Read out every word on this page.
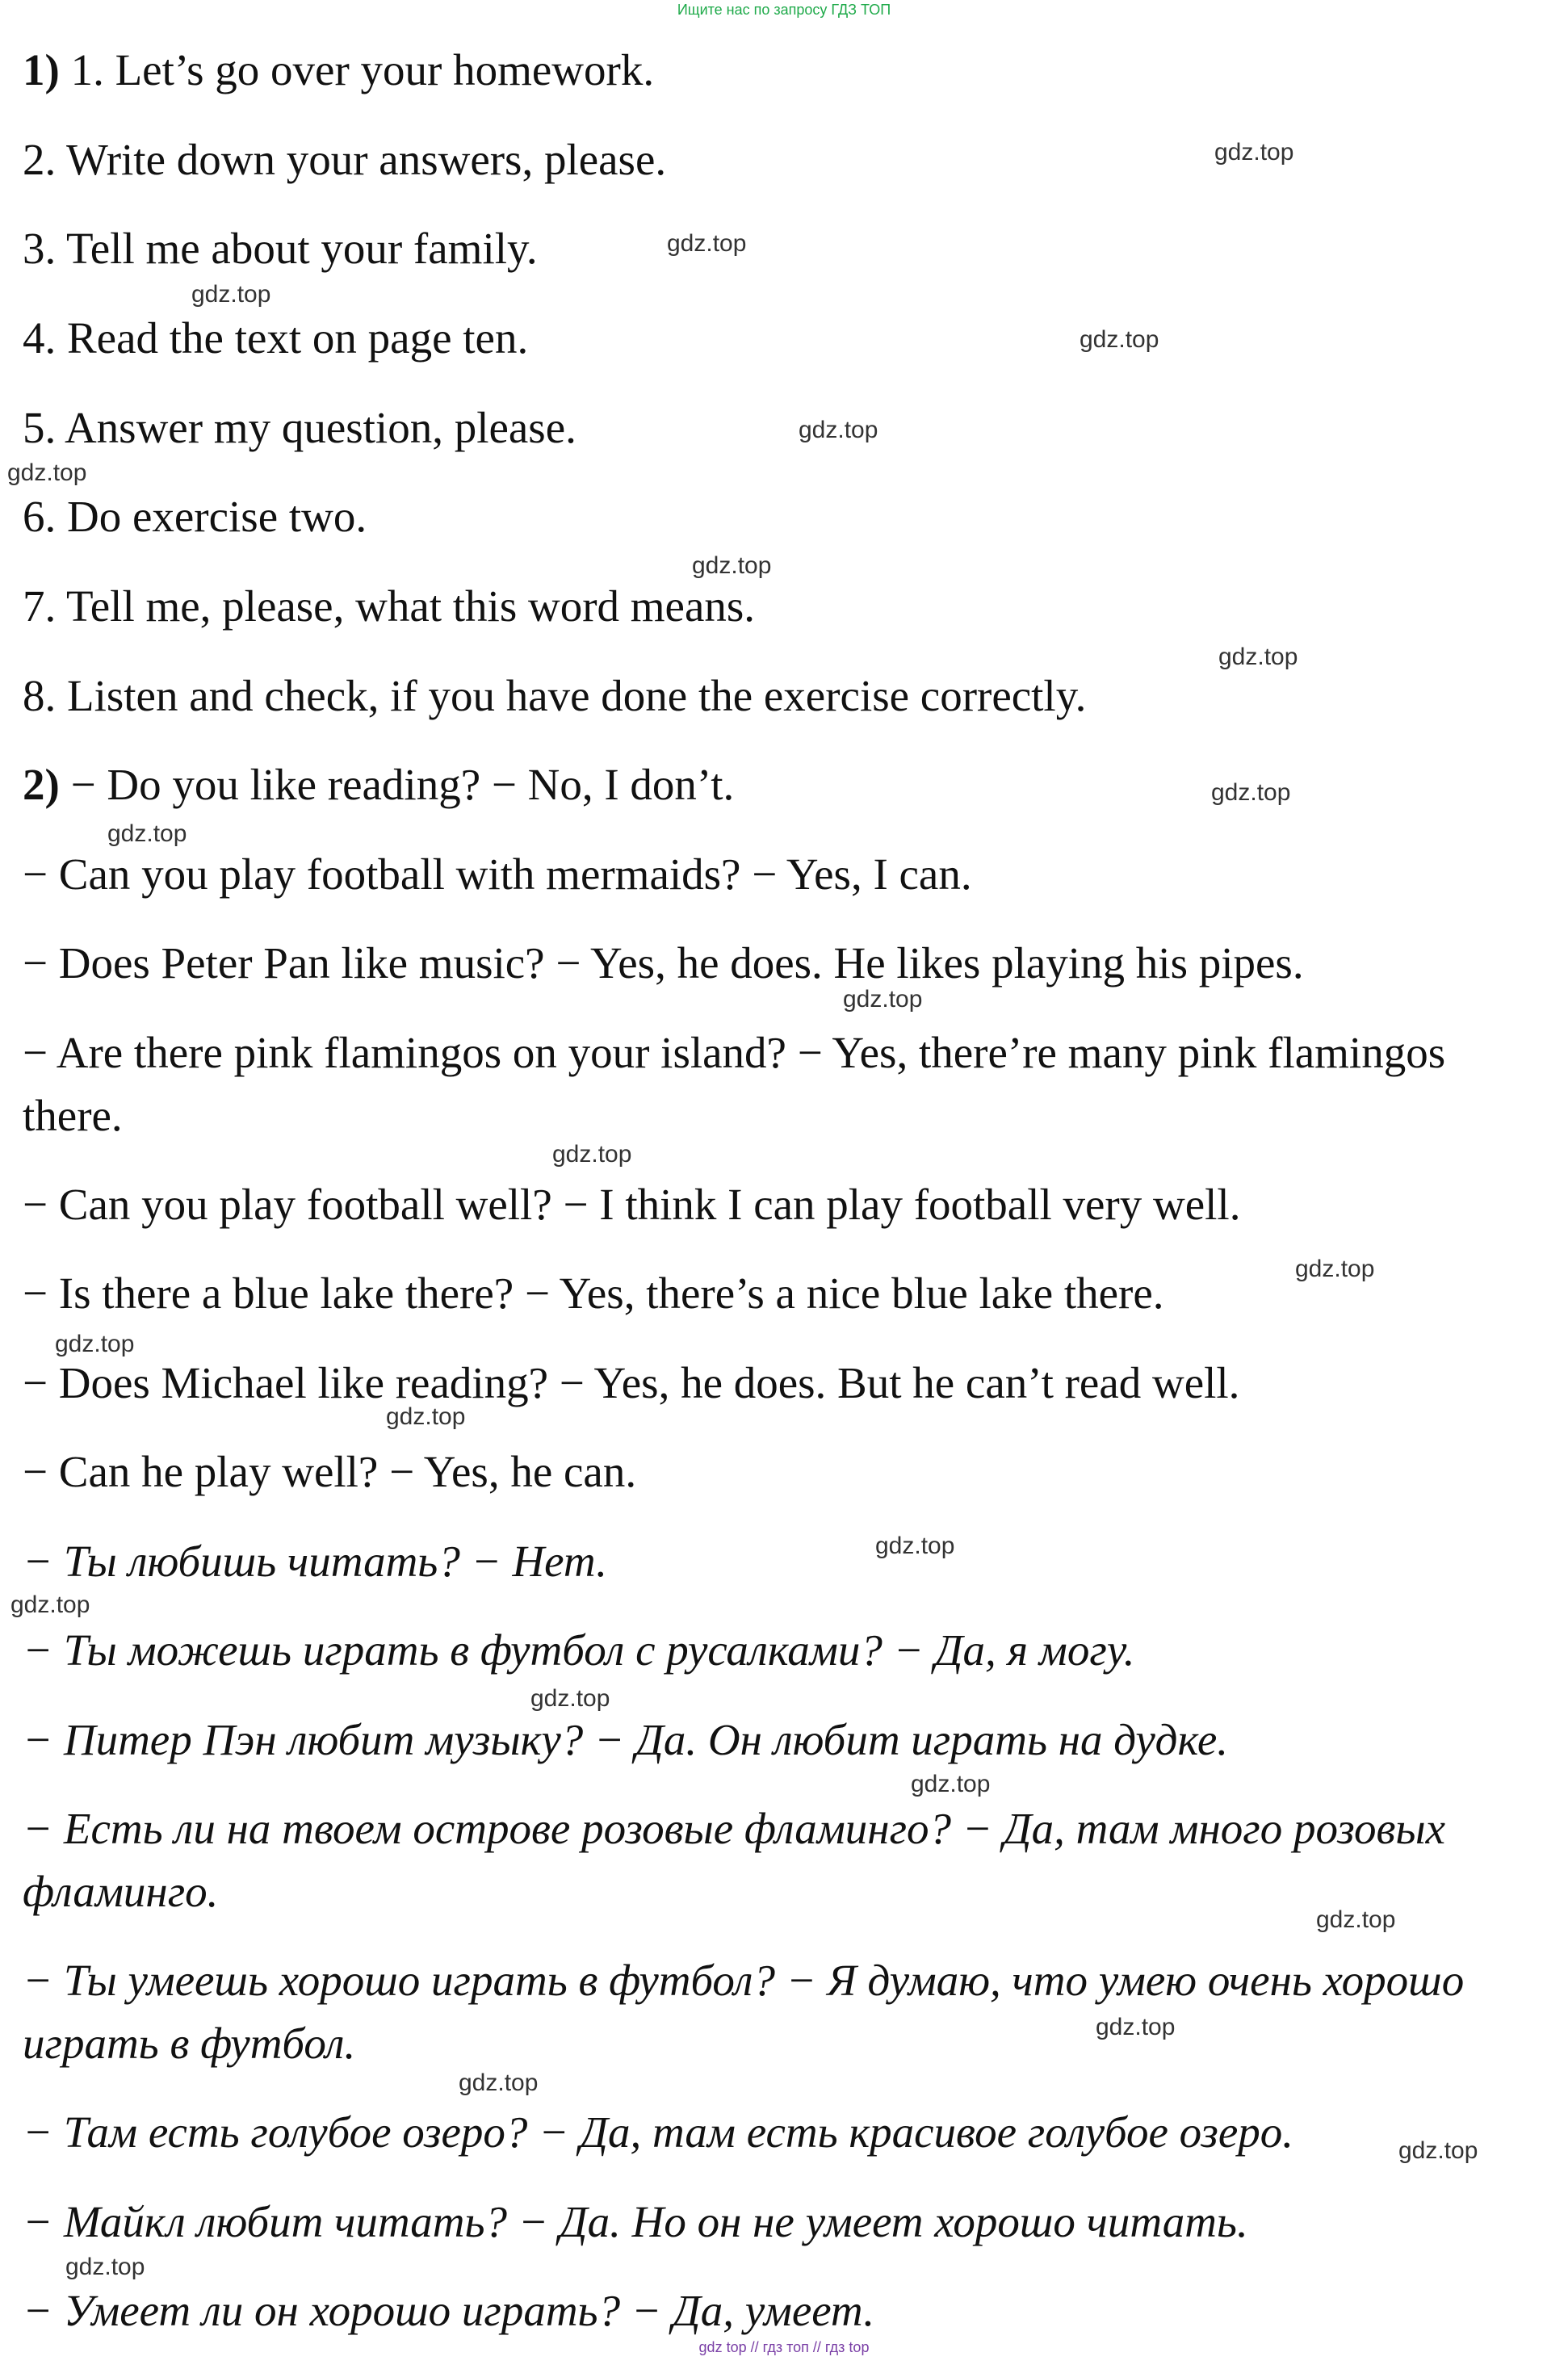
Ищите нас по запросу ГДЗ ТОП
1) 1. Let’s go over your homework.
2. Write down your answers, please.
3. Tell me about your family.
4. Read the text on page ten.
5. Answer my question, please.
6. Do exercise two.
7. Tell me, please, what this word means.
8. Listen and check, if you have done the exercise correctly.
2) − Do you like reading? − No, I don’t.
− Can you play football with mermaids? − Yes, I can.
− Does Peter Pan like music? − Yes, he does. He likes playing his pipes.
− Are there pink flamingos on your island? − Yes, there’re many pink flamingos there.
− Can you play football well? − I think I can play football very well.
− Is there a blue lake there? − Yes, there’s a nice blue lake there.
− Does Michael like reading? − Yes, he does. But he can’t read well.
− Can he play well? − Yes, he can.
− Ты любишь читать? − Нет.
− Ты можешь играть в футбол с русалками? − Да, я могу.
− Питер Пэн любит музыку? − Да. Он любит играть на дудке.
− Есть ли на твоем острове розовые фламинго? − Да, там много розовых фламинго.
− Ты умеешь хорошо играть в футбол? − Я думаю, что умею очень хорошо играть в футбол.
− Там есть голубое озеро? − Да, там есть красивое голубое озеро.
− Майкл любит читать? − Да. Но он не умеет хорошо читать.
− Умеет ли он хорошо играть? − Да, умеет.
gdz.top
gdz.top
gdz.top
gdz.top
gdz.top
gdz.top
gdz.top
gdz.top
gdz.top
gdz.top
gdz.top
gdz.top
gdz.top
gdz.top
gdz.top
gdz.top
gdz.top
gdz.top
gdz.top
gdz.top
gdz.top
gdz.top
gdz.top
gdz.top
gdz top // гдз топ // гдз top
